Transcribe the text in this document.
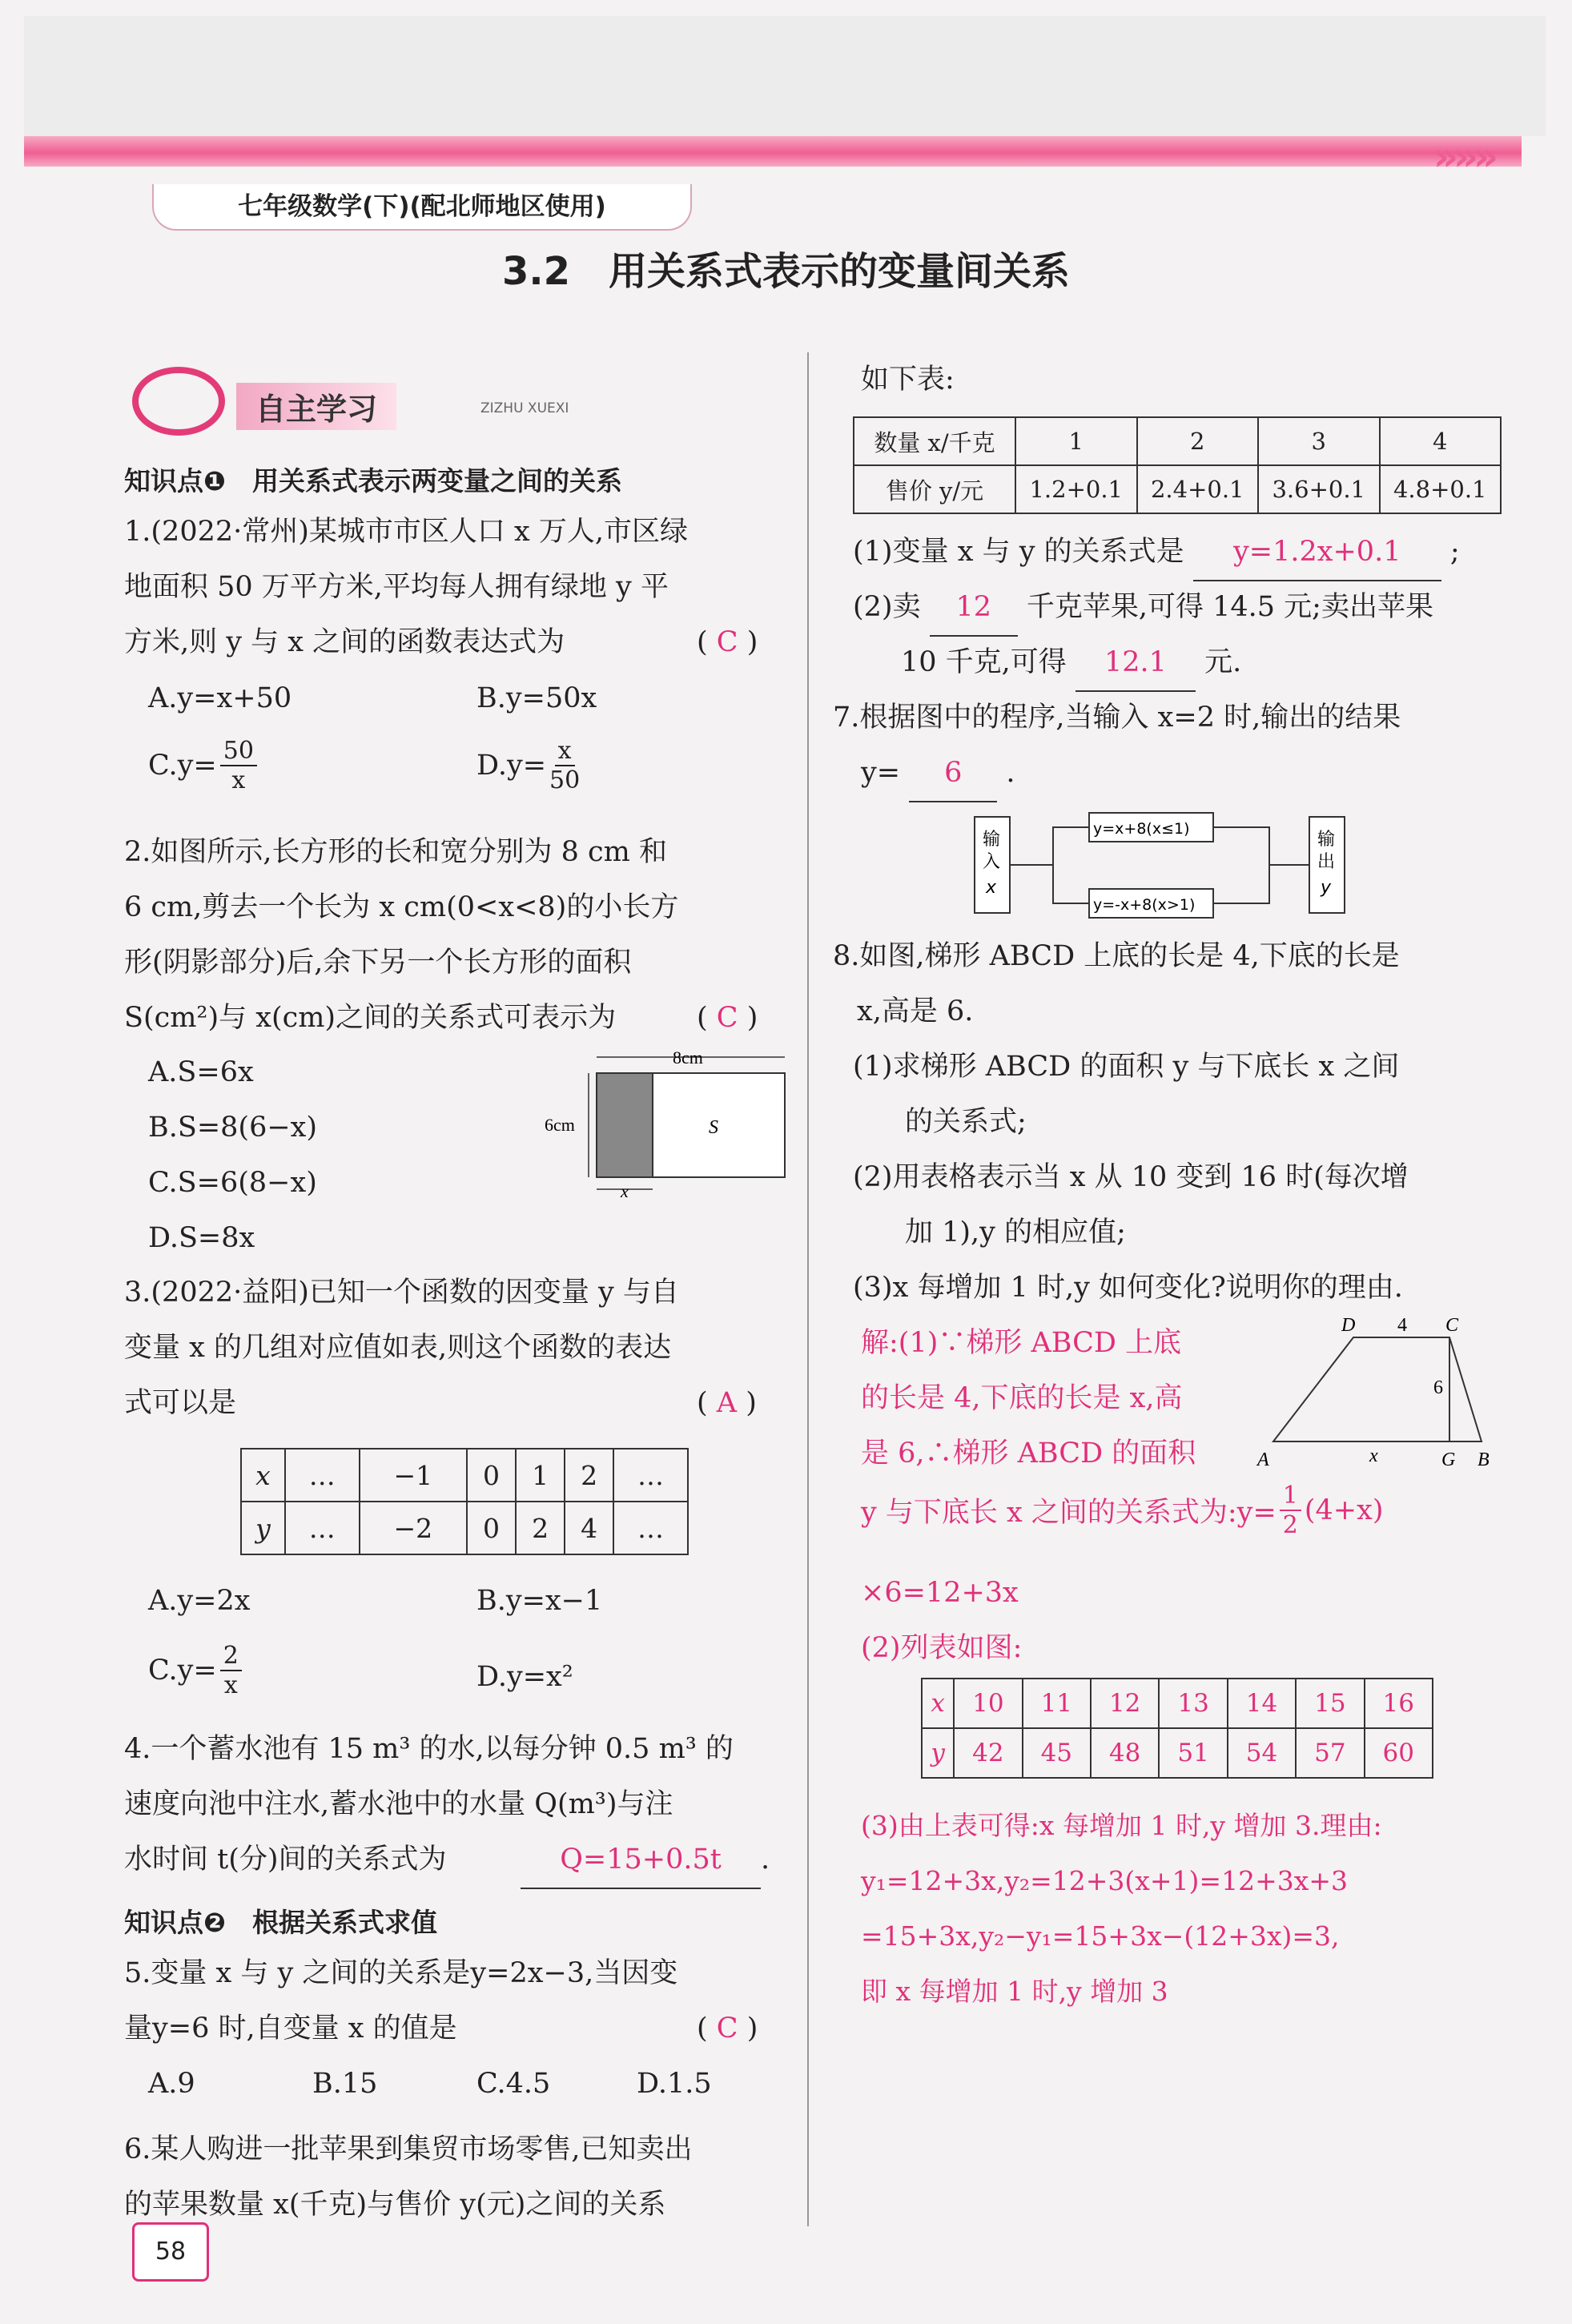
»»»
七年级数学(下)(配北师地区使用)
3.2　用关系式表示的变量间关系
自主学习	ZIZHU XUEXI
知识点❶　用关系式表示两变量之间的关系
1.(2022·常州)某城市市区人口 x 万人,市区绿
地面积 50 万平方米,平均每人拥有绿地 y 平
方米,则 y 与 x 之间的函数表达式为	( C )
A.y=x+50	B.y=50x
$C.y= \frac{50}{x}$	$D.y= \frac{x}{50}$
2.如图所示,长方形的长和宽分别为 8 cm 和
6 cm,剪去一个长为 x cm(0<x<8)的小长方
形(阴影部分)后,余下另一个长方形的面积
S(cm²)与 x(cm)之间的关系式可表示为	( C )
A.S=6x
B.S=8(6−x)
C.S=6(8−x)
D.S=8x
8cm
6cm	S
x
3.(2022·益阳)已知一个函数的因变量 y 与自
变量 x 的几组对应值如表,则这个函数的表达
式可以是	( A )
x	…	−1	0	1	2	…
y	…	−2	0	2	4	…
A.y=2x	B.y=x−1
$C.y= \frac{2}{x}$	D.y=x²
4.一个蓄水池有 15 m³ 的水,以每分钟 0.5 m³ 的
速度向池中注水,蓄水池中的水量 Q(m³)与注
水时间 t(分)间的关系式为	Q=15+0.5t .
知识点❷　根据关系式求值
5.变量 x 与 y 之间的关系是y=2x−3,当因变
量y=6 时,自变量 x 的值是	( C )
A.9	B.15	C.4.5	D.1.5
6.某人购进一批苹果到集贸市场零售,已知卖出
的苹果数量 x(千克)与售价 y(元)之间的关系
58
如下表:
数量 x/千克	1	2	3	4
售价 y/元	1.2+0.1	2.4+0.1	3.6+0.1	4.8+0.1
(1)变量 x 与 y 的关系式是 y=1.2x+0.1 ;
(2)卖 12 千克苹果,可得 14.5 元;卖出苹果
10 千克,可得 12.1 元.
7.根据图中的程序,当输入 x=2 时,输出的结果
y= 6 .
输入 x
y=x+8(x≤1)
y=-x+8(x>1)
输出 y
8.如图,梯形 ABCD 上底的长是 4,下底的长是
x,高是 6.
(1)求梯形 ABCD 的面积 y 与下底长 x 之间
的关系式;
(2)用表格表示当 x 从 10 变到 16 时(每次增
加 1),y 的相应值;
(3)x 每增加 1 时,y 如何变化?说明你的理由.
解:(1)∵梯形 ABCD 上底
的长是 4,下底的长是 x,高
是 6,∴梯形 ABCD 的面积
y 与下底长 x 之间的关系式为:y= $\frac{1}{2} (4+x)$
×6=12+3x
(2)列表如图:
D 4 C
6
A	x	G B
x	10	11	12	13	14	15	16
y	42	45	48	51	54	57	60
(3)由上表可得:x 每增加 1 时,y 增加 3.理由:
y₁=12+3x,y₂=12+3(x+1)=12+3x+3
=15+3x,y₂−y₁=15+3x−(12+3x)=3,
即 x 每增加 1 时,y 增加 3
